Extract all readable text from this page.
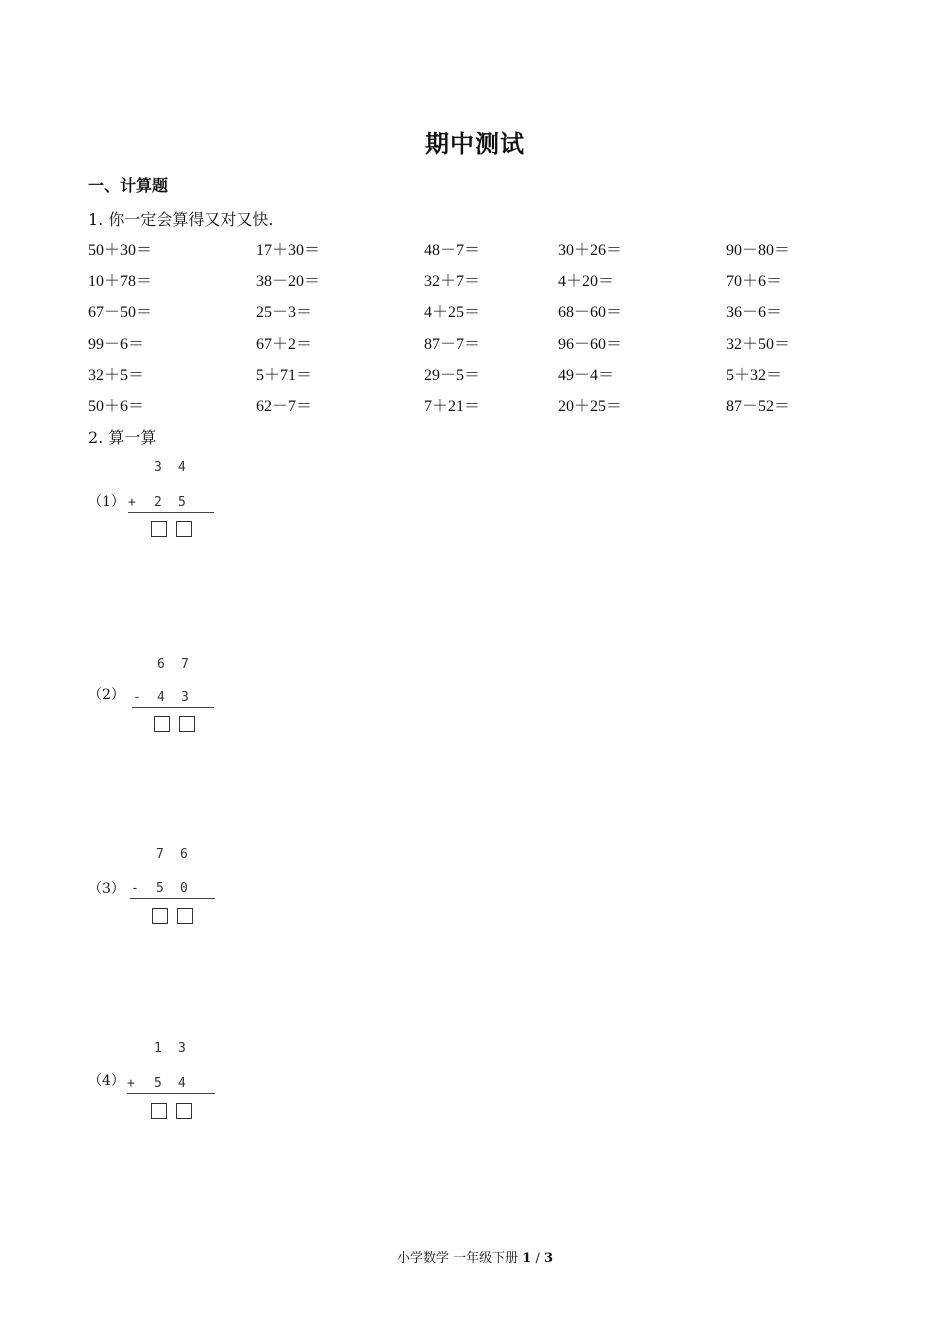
期中测试
一、计算题
1. 你一定会算得又对又快.
50＋30＝	17＋30＝	48－7＝	30＋26＝	90－80＝
10＋78＝	38－20＝	32＋7＝	4＋20＝	70＋6＝
67－50＝	25－3＝	4＋25＝	68－60＝	36－6＝
99－6＝	67＋2＝	87－7＝	96－60＝	32＋50＝
32＋5＝	5＋71＝	29－5＝	49－4＝	5＋32＝
50＋6＝	62－7＝	7＋21＝	20＋25＝	87－52＝
2. 算一算
3 4
（1） + 2 5
6 7
（2） - 4 3
7 6
（3） - 5 0
1 3
（4） + 5 4
小学数学 一年级下册 1 / 3
